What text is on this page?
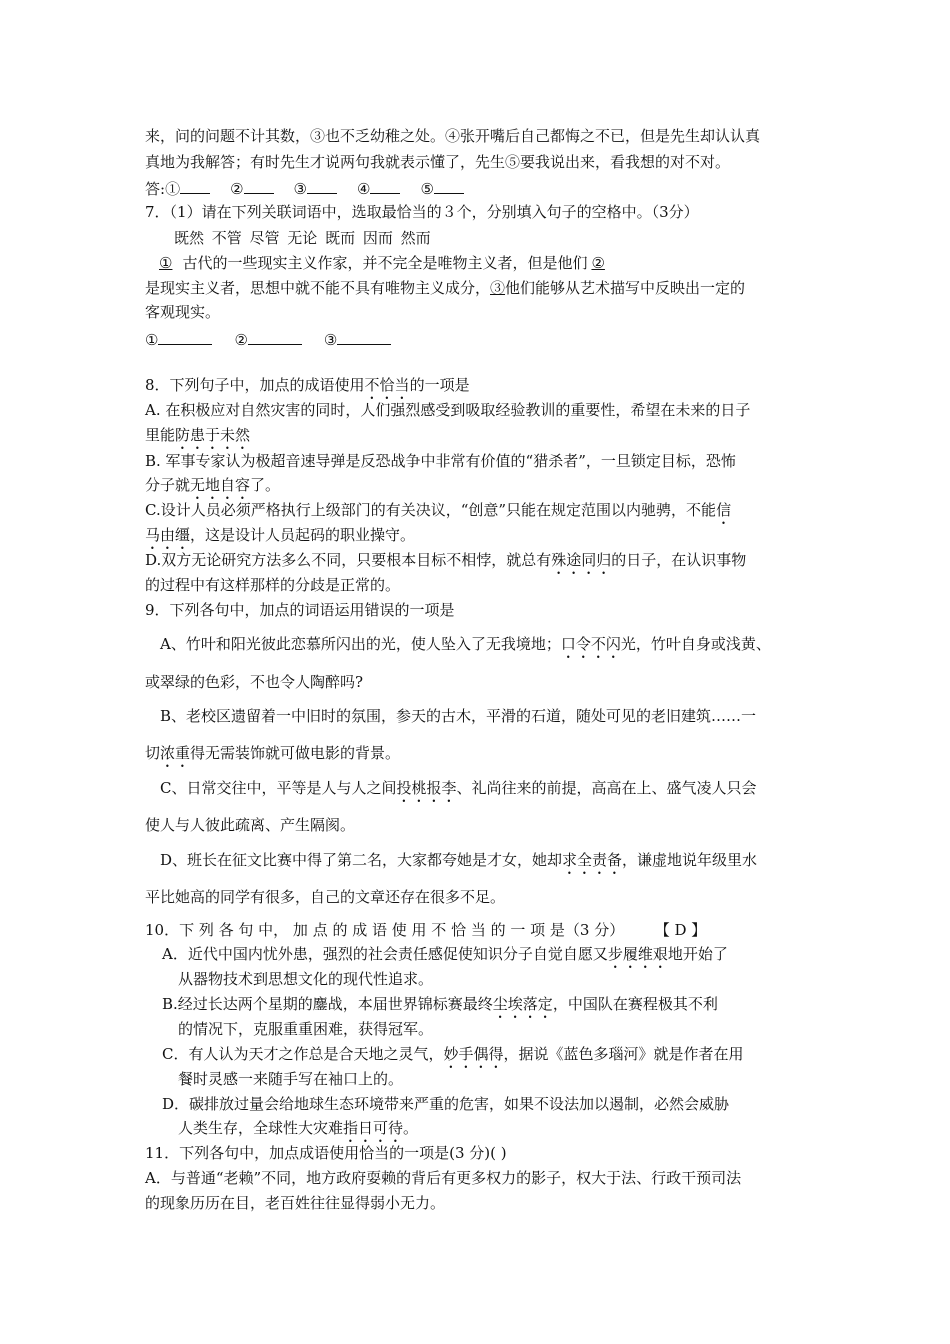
来，问的问题不计其数，③也不乏幼稚之处。④张开嘴后自己都悔之不已，但是先生却认认真
真地为我解答；有时先生才说两句我就表示懂了，先生⑤要我说出来，看我想的对不对。
答:①	②	③	④	⑤
7．（1）请在下列关联词语中，选取最恰当的３个，分别填入句子的空格中。（3分）
既然 不管 尽管 无论 既而 因而 然而
① 古代的一些现实主义作家，并不完全是唯物主义者，但是他们 ②
是现实主义者，思想中就不能不具有唯物主义成分，③他们能够从艺术描写中反映出一定的
客观现实。
①	②	③
8．下列句子中，加点的成语使用不恰当的一项是
A. 在积极应对自然灾害的同时，人们强烈感受到吸取经验教训的重要性，希望在未来的日子
里能防患于未然
B. 军事专家认为极超音速导弹是反恐战争中非常有价值的“猎杀者”，一旦锁定目标，恐怖
分子就无地自容了。
C.设计人员必须严格执行上级部门的有关决议，“创意”只能在规定范围以内驰骋，不能信
马由缰，这是设计人员起码的职业操守。
D.双方无论研究方法多么不同，只要根本目标不相悖，就总有殊途同归的日子，在认识事物
的过程中有这样那样的分歧是正常的。
9．下列各句中，加点的词语运用错误的一项是
A、竹叶和阳光彼此恋慕所闪出的光，使人坠入了无我境地；口令不闪光，竹叶自身或浅黄、
或翠绿的色彩，不也令人陶醉吗?
B、老校区遗留着一中旧时的氛围，参天的古木，平滑的石道，随处可见的老旧建筑……一
切浓重得无需装饰就可做电影的背景。
C、日常交往中，平等是人与人之间投桃报李、礼尚往来的前提，高高在上、盛气凌人只会
使人与人彼此疏离、产生隔阂。
D、班长在征文比赛中得了第二名，大家都夸她是才女，她却求全责备，谦虚地说年级里水
平比她高的同学有很多，自己的文章还存在很多不足。
10．下 列 各 句 中， 加 点 的 成 语 使 用 不 恰 当 的 一 项 是（3 分）	【 D 】
A．近代中国内忧外患，强烈的社会责任感促使知识分子自觉自愿又步履维艰地开始了
从器物技术到思想文化的现代性追求。
B.经过长达两个星期的鏖战，本届世界锦标赛最终尘埃落定，中国队在赛程极其不利
的情况下，克服重重困难，获得冠军。
C．有人认为天才之作总是合天地之灵气，妙手偶得，据说《蓝色多瑙河》就是作者在用
餐时灵感一来随手写在袖口上的。
D．碳排放过量会给地球生态环境带来严重的危害，如果不设法加以遏制，必然会威胁
人类生存，全球性大灾难指日可待。
11．下列各句中，加点成语使用恰当的一项是(3 分)( )
A．与普通“老赖”不同，地方政府耍赖的背后有更多权力的影子，权大于法、行政干预司法
的现象历历在目，老百姓往往显得弱小无力。
